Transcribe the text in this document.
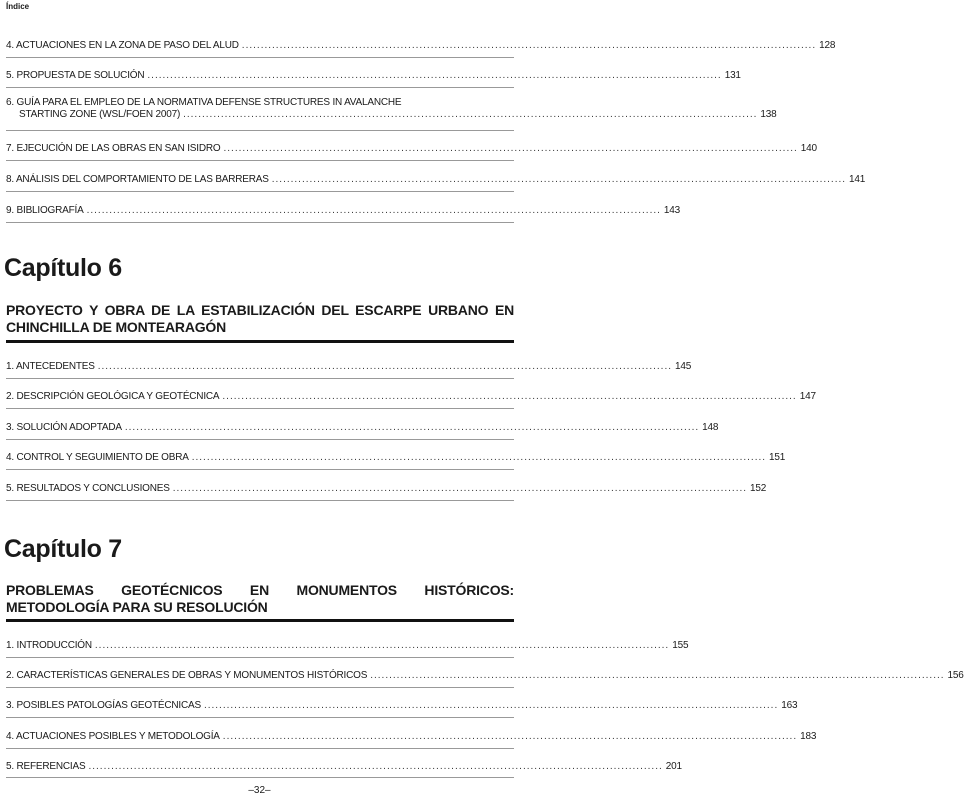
Índice
4. ACTUACIONES EN LA ZONA DE PASO DEL ALUD ........................................................................................................................................................ 128
5. PROPUESTA DE SOLUCIÓN ........................................................................................................................................................ 131
6. GUÍA PARA EL EMPLEO DE LA NORMATIVA DEFENSE STRUCTURES IN AVALANCHE
STARTING ZONE (WSL/FOEN 2007) ........................................................................................................................................................ 138
7. EJECUCIÓN DE LAS OBRAS EN SAN ISIDRO ........................................................................................................................................................ 140
8. ANÁLISIS DEL COMPORTAMIENTO DE LAS BARRERAS ........................................................................................................................................................ 141
9. BIBLIOGRAFÍA ........................................................................................................................................................ 143
Capítulo 6
PROYECTO Y OBRA DE LA ESTABILIZACIÓN DEL ESCARPE URBANO EN
CHINCHILLA DE MONTEARAGÓN
1. ANTECEDENTES ........................................................................................................................................................ 145
2. DESCRIPCIÓN GEOLÓGICA Y GEOTÉCNICA ........................................................................................................................................................ 147
3. SOLUCIÓN ADOPTADA ........................................................................................................................................................ 148
4. CONTROL Y SEGUIMIENTO DE OBRA ........................................................................................................................................................ 151
5. RESULTADOS Y CONCLUSIONES ........................................................................................................................................................ 152
Capítulo 7
PROBLEMAS GEOTÉCNICOS EN MONUMENTOS HISTÓRICOS:
METODOLOGÍA PARA SU RESOLUCIÓN
1. INTRODUCCIÓN ........................................................................................................................................................ 155
2. CARACTERÍSTICAS GENERALES DE OBRAS Y MONUMENTOS HISTÓRICOS ........................................................................................................................................................ 156
3. POSIBLES PATOLOGÍAS GEOTÉCNICAS ........................................................................................................................................................ 163
4. ACTUACIONES POSIBLES Y METODOLOGÍA ........................................................................................................................................................ 183
5. REFERENCIAS ........................................................................................................................................................ 201
–32–
